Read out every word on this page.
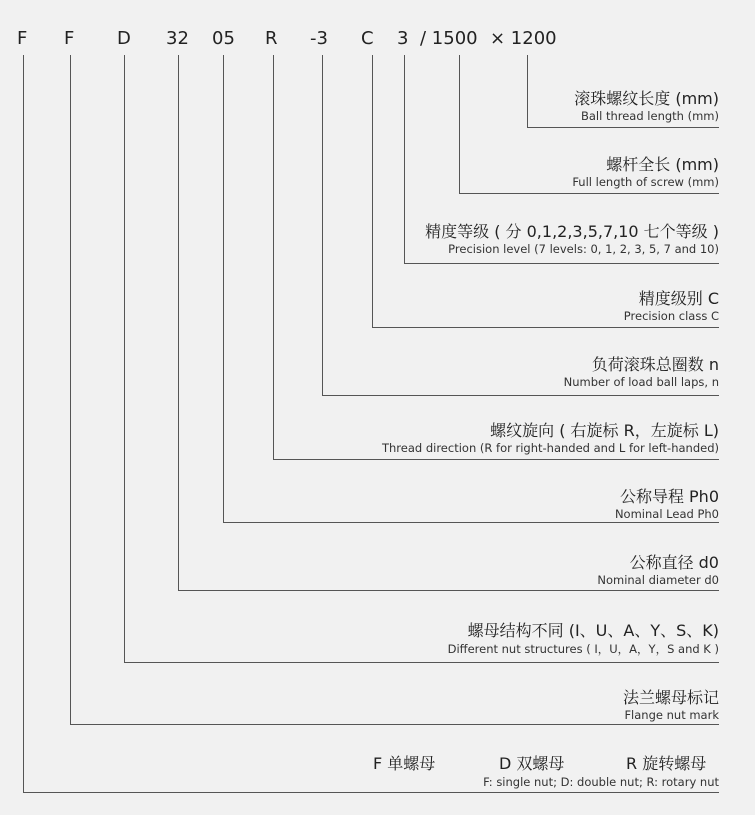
F F D 32 05 R -3 C 3 / 1500 × 1200
滚珠螺纹长度 (mm)
Ball thread length (mm)
螺杆全长 (mm)
Full length of screw (mm)
精度等级 ( 分 0,1,2,3,5,7,10 七个等级 )
Precision level (7 levels: 0, 1, 2, 3, 5, 7 and 10)
精度级别 C
Precision class C
负荷滚珠总圈数 n
Number of load ball laps, n
螺纹旋向 ( 右旋标 R，左旋标 L)
Thread direction (R for right-handed and L for left-handed)
公称导程 Ph0
Nominal Lead Ph0
公称直径 d0
Nominal diameter d0
螺母结构不同 (I、U、A、Y、S、K)
Different nut structures ( I，U，A，Y，S and K )
法兰螺母标记
Flange nut mark
F 单螺母	D 双螺母	R 旋转螺母
F: single nut; D: double nut; R: rotary nut
